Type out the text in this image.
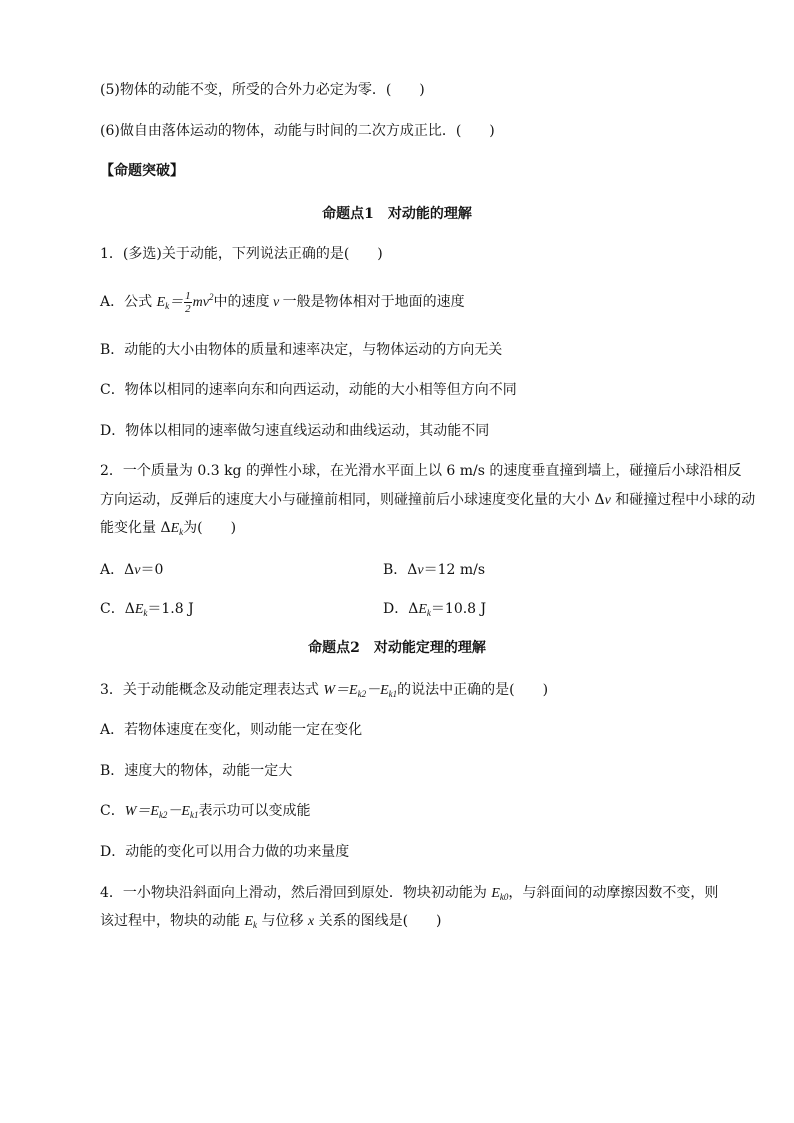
(5)物体的动能不变，所受的合外力必定为零．(　　)
(6)做自由落体运动的物体，动能与时间的二次方成正比．(　　)
【命题突破】
命题点1　对动能的理解
1．(多选)关于动能，下列说法正确的是(　　)
A．公式 $E_k= \frac{1}{2} mv^2$中的速度 v 一般是物体相对于地面的速度
B．动能的大小由物体的质量和速率决定，与物体运动的方向无关
C．物体以相同的速率向东和向西运动，动能的大小相等但方向不同
D．物体以相同的速率做匀速直线运动和曲线运动，其动能不同
2．一个质量为 0.3 kg 的弹性小球，在光滑水平面上以 6 m/s 的速度垂直撞到墙上，碰撞后小球沿相反
方向运动，反弹后的速度大小与碰撞前相同，则碰撞前后小球速度变化量的大小 Δv 和碰撞过程中小球的动
能变化量 $\Delta E_k$为(　　)
A．Δv＝0	B．Δv＝12 m/s
C．$\Delta E_k=1.8$ J	D．$\Delta E_k=10.8$ J
命题点2　对动能定理的理解
3．关于动能概念及动能定理表达式 $W=E_{k2}-E_{k1}$的说法中正确的是(　　)
A．若物体速度在变化，则动能一定在变化
B．速度大的物体，动能一定大
C．$W=E_{k2}-E_{k1}$表示功可以变成能
D．动能的变化可以用合力做的功来量度
4．一小物块沿斜面向上滑动，然后滑回到原处．物块初动能为 $E_{k0}$，与斜面间的动摩擦因数不变，则
该过程中，物块的动能 $E_k$ 与位移 x 关系的图线是(　　)
